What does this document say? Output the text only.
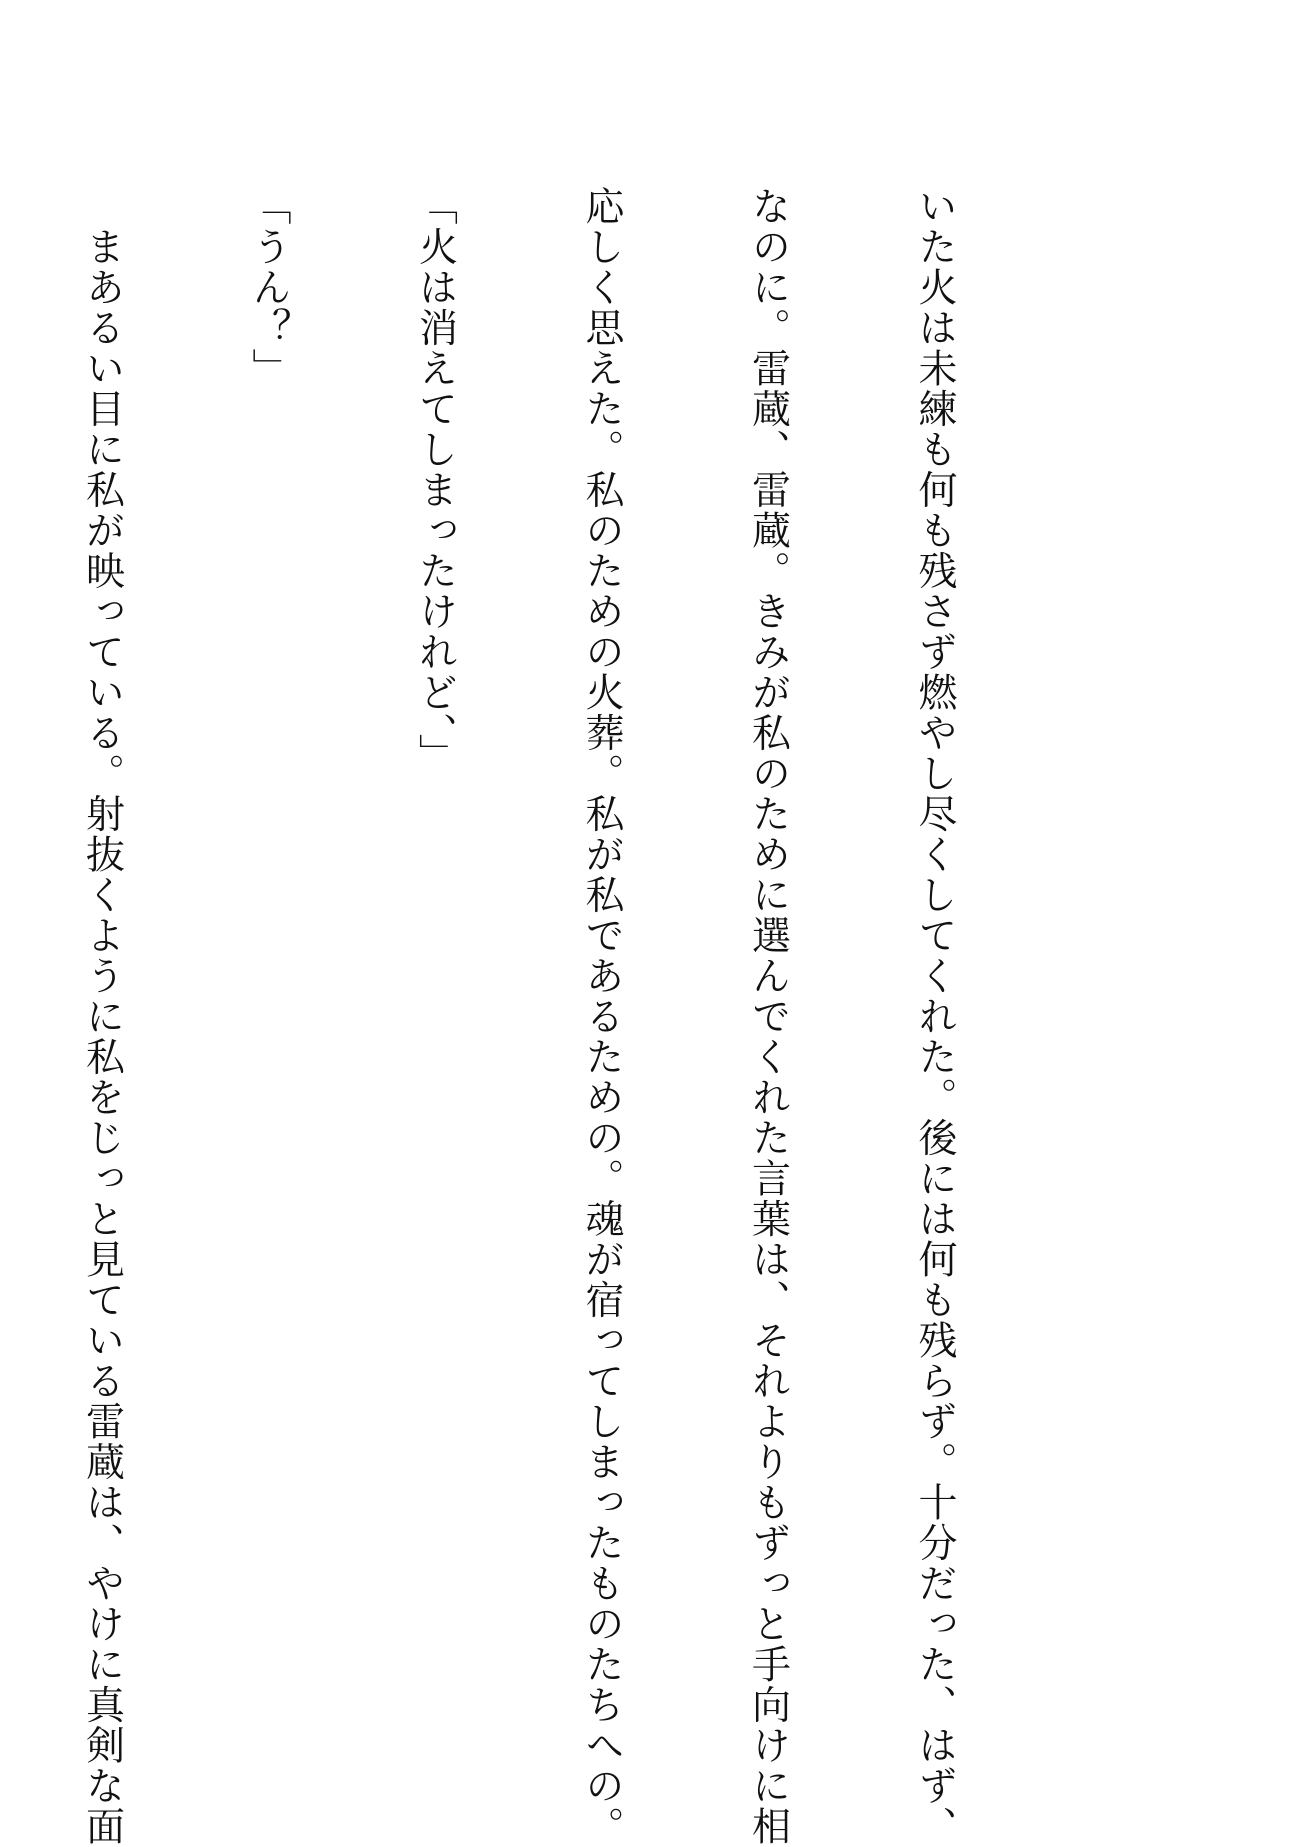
いた火は未練も何も残さず燃やし尽くしてくれた。後には何も残らず。十分だった、はず、

なのに。雷蔵、雷蔵。きみが私のために選んでくれた言葉は、それよりもずっと手向けに相

応しく思えた。私のための火葬。私が私であるための。魂が宿ってしまったものたちへの。

「火は消えてしまったけれど、」

「うん？」

　まあるい目に私が映っている。射抜くように私をじっと見ている雷蔵は、やけに真剣な面
